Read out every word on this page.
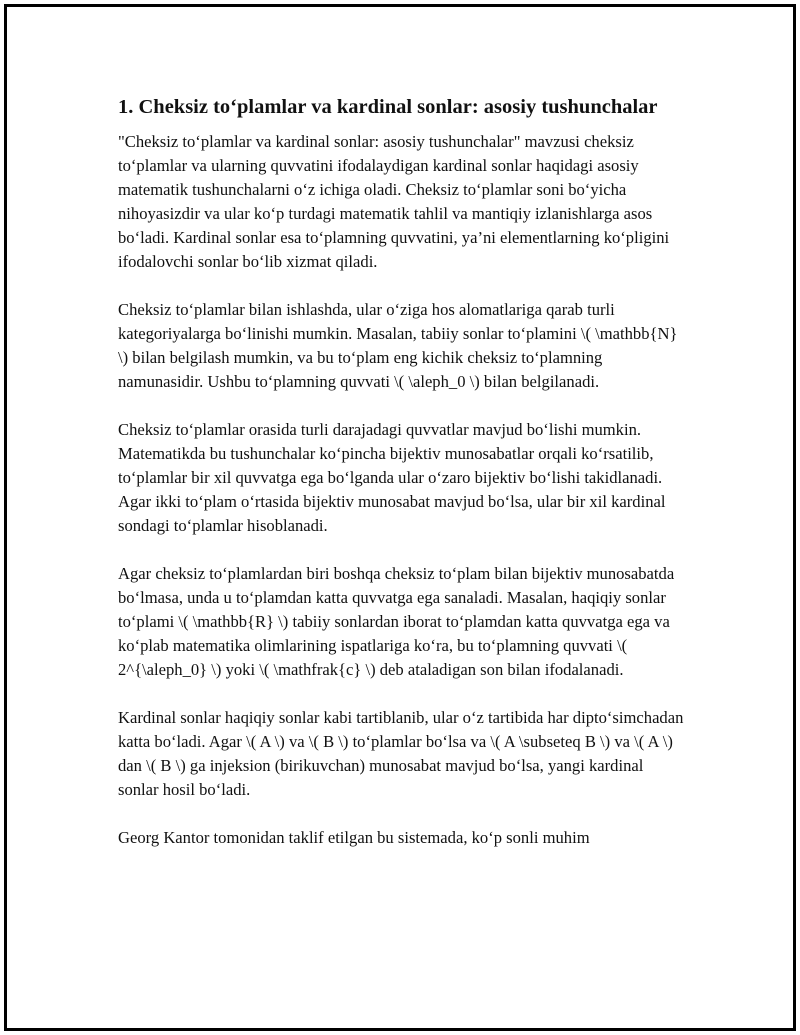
1. Cheksiz to‘plamlar va kardinal sonlar: asosiy tushunchalar

"Cheksiz to‘plamlar va kardinal sonlar: asosiy tushunchalar" mavzusi cheksiz to‘plamlar va ularning quvvatini ifodalaydigan kardinal sonlar haqidagi asosiy matematik tushunchalarni o‘z ichiga oladi. Cheksiz to‘plamlar soni bo‘yicha nihoyasizdir va ular ko‘p turdagi matematik tahlil va mantiqiy izlanishlarga asos bo‘ladi. Kardinal sonlar esa to‘plamning quvvatini, ya’ni elementlarning ko‘pligini ifodalovchi sonlar bo‘lib xizmat qiladi.

Cheksiz to‘plamlar bilan ishlashda, ular o‘ziga hos alomatlariga qarab turli kategoriyalarga bo‘linishi mumkin. Masalan, tabiiy sonlar to‘plamini \( \mathbb{N} \) bilan belgilash mumkin, va bu to‘plam eng kichik cheksiz to‘plamning namunasidir. Ushbu to‘plamning quvvati \( \aleph_0 \) bilan belgilanadi.

Cheksiz to‘plamlar orasida turli darajadagi quvvatlar mavjud bo‘lishi mumkin. Matematikda bu tushunchalar ko‘pincha bijektiv munosabatlar orqali ko‘rsatilib, to‘plamlar bir xil quvvatga ega bo‘lganda ular o‘zaro bijektiv bo‘lishi takidlanadi. Agar ikki to‘plam o‘rtasida bijektiv munosabat mavjud bo‘lsa, ular bir xil kardinal sondagi to‘plamlar hisoblanadi.

Agar cheksiz to‘plamlardan biri boshqa cheksiz to‘plam bilan bijektiv munosabatda bo‘lmasa, unda u to‘plamdan katta quvvatga ega sanaladi. Masalan, haqiqiy sonlar to‘plami \( \mathbb{R} \) tabiiy sonlardan iborat to‘plamdan katta quvvatga ega va ko‘plab matematika olimlarining ispatlariga ko‘ra, bu to‘plamning quvvati \( 2^{\aleph_0} \) yoki \( \mathfrak{c} \) deb ataladigan son bilan ifodalanadi.

Kardinal sonlar haqiqiy sonlar kabi tartiblanib, ular o‘z tartibida har dipto‘simchadan katta bo‘ladi. Agar \( A \) va \( B \) to‘plamlar bo‘lsa va \( A \subseteq B \) va \( A \) dan \( B \) ga injeksion (birikuvchan) munosabat mavjud bo‘lsa, yangi kardinal sonlar hosil bo‘ladi.

Georg Kantor tomonidan taklif etilgan bu sistemada, ko‘p sonli muhim
